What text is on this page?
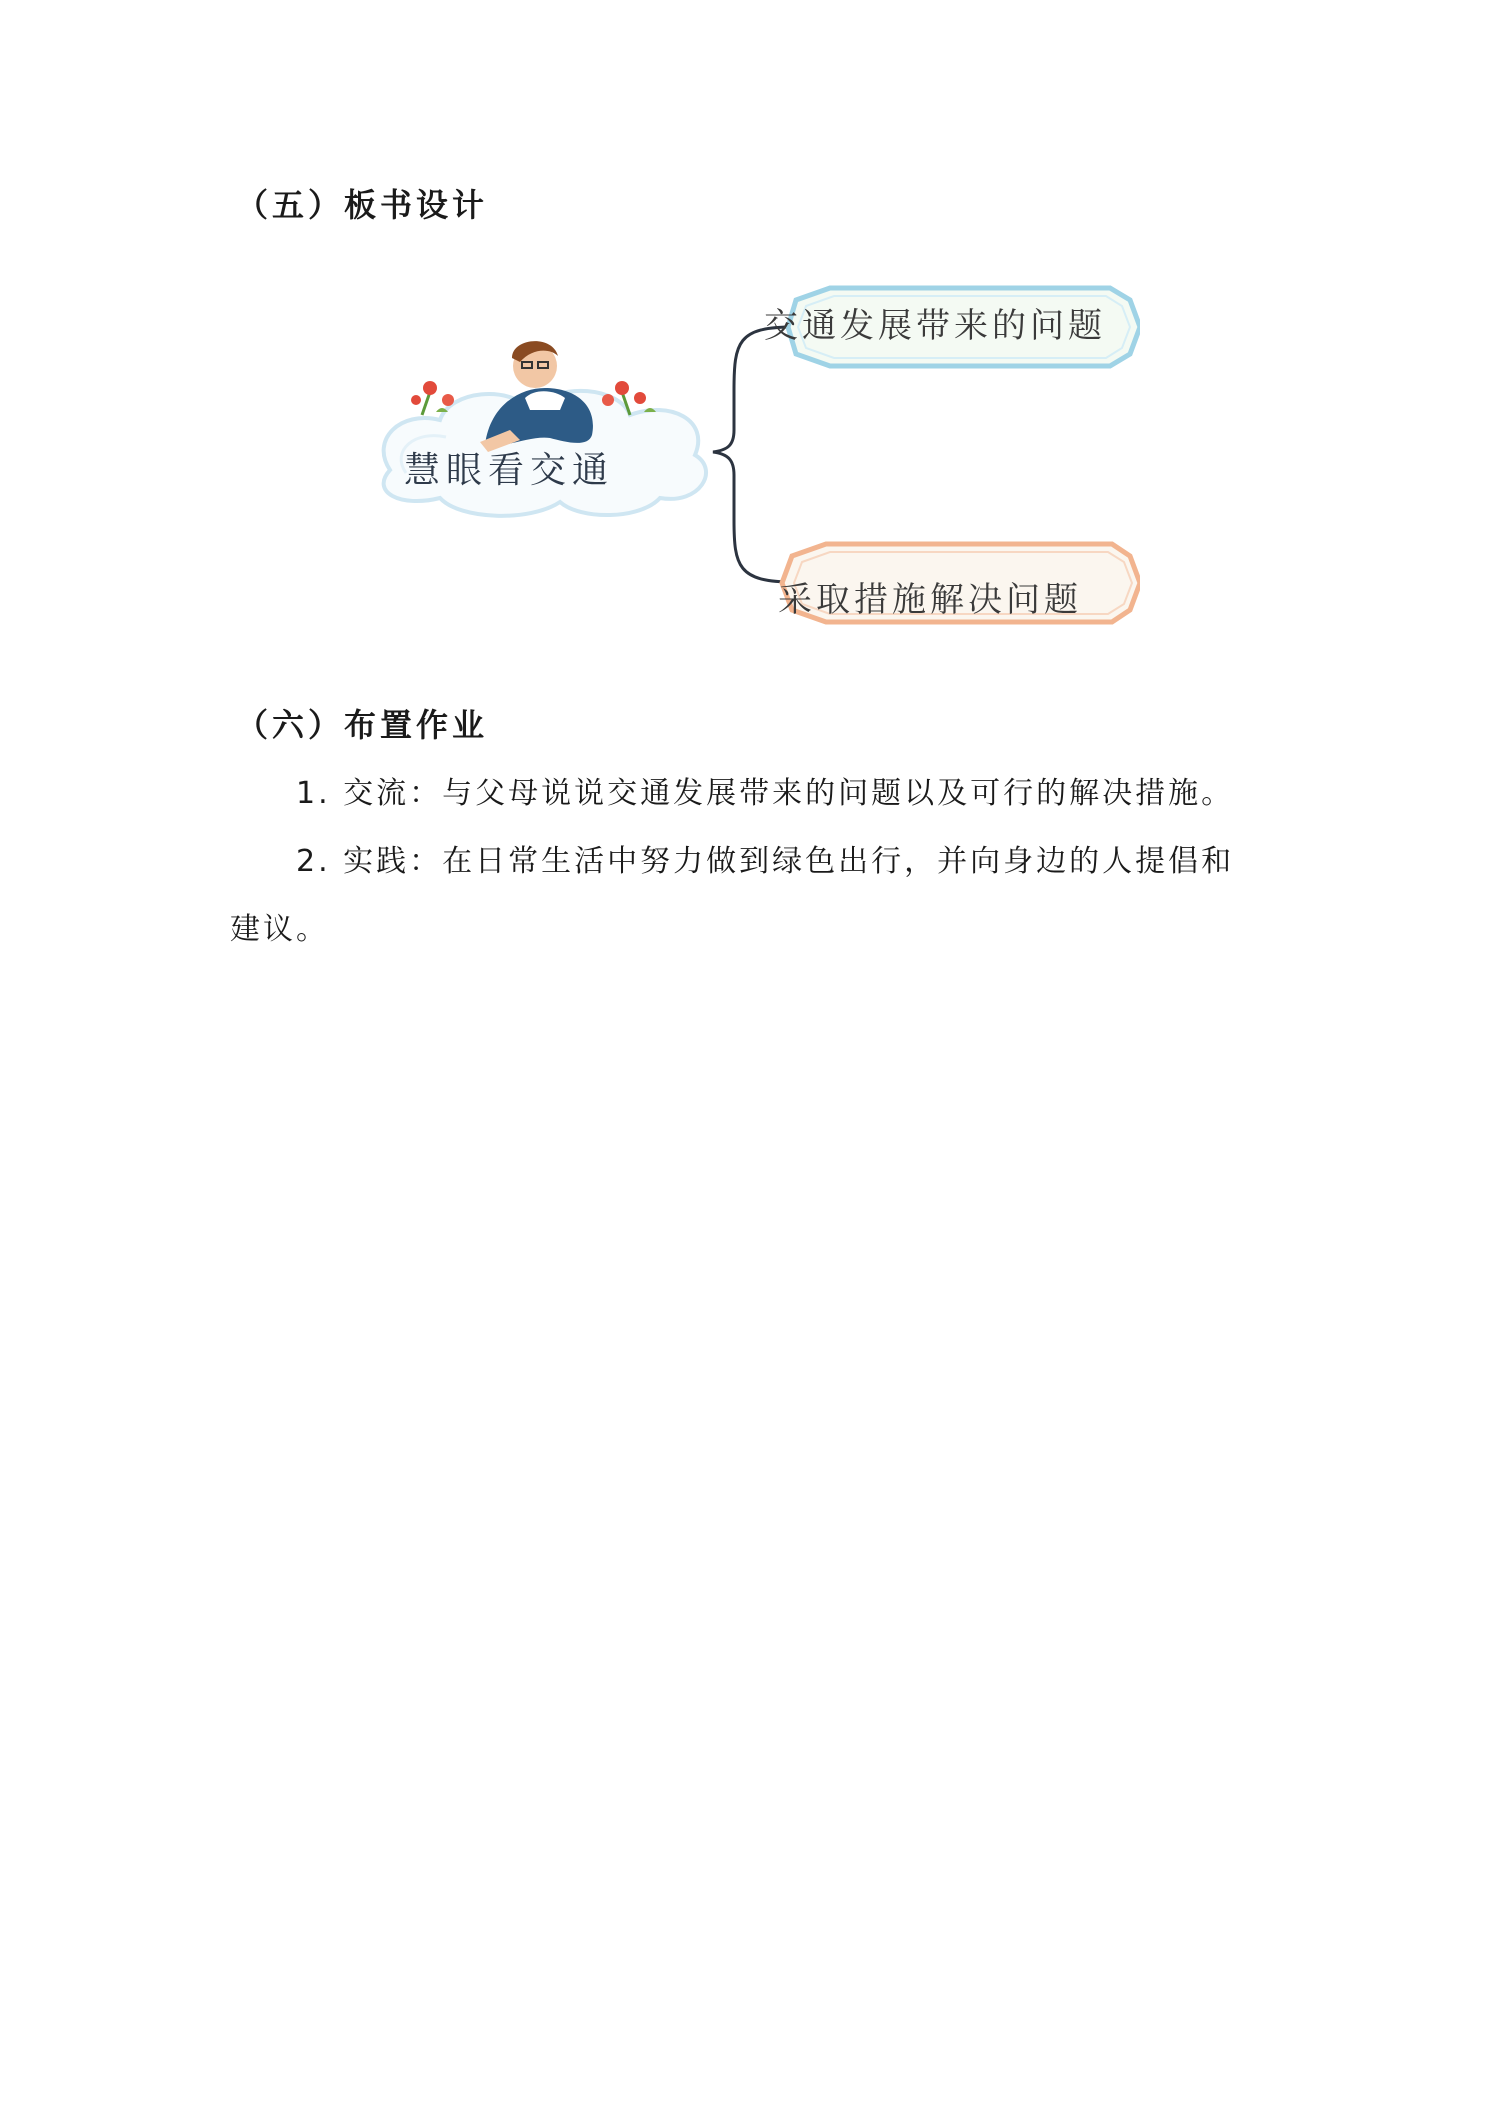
（五）板书设计
慧眼看交通
交通发展带来的问题
采取措施解决问题
（六）布置作业
1. 交流：与父母说说交通发展带来的问题以及可行的解决措施。
2. 实践：在日常生活中努力做到绿色出行，并向身边的人提倡和
建议。
